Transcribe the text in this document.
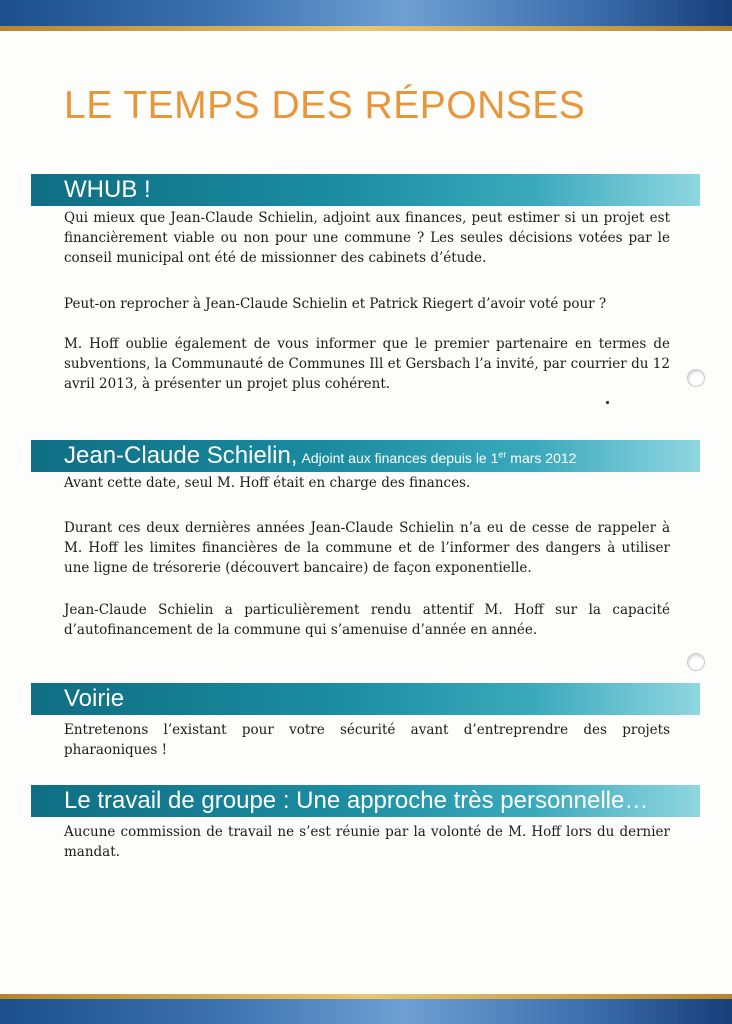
LE TEMPS DES RÉPONSES
WHUB !

Qui mieux que Jean-Claude Schielin, adjoint aux finances, peut estimer si un projet est financièrement viable ou non pour une commune ? Les seules décisions votées par le conseil municipal ont été de missionner des cabinets d’étude.

Peut-on reprocher à Jean-Claude Schielin et Patrick Riegert d’avoir voté pour ?

M. Hoff oublie également de vous informer que le premier partenaire en termes de subventions, la Communauté de Communes Ill et Gersbach l’a invité, par courrier du 12 avril 2013, à présenter un projet plus cohérent.

Jean-Claude Schielin, Adjoint aux finances depuis le 1er mars 2012

Avant cette date, seul M. Hoff était en charge des finances.

Durant ces deux dernières années Jean-Claude Schielin n’a eu de cesse de rappeler à M. Hoff les limites financières de la commune et de l’informer des dangers à utiliser une ligne de trésorerie (découvert bancaire) de façon exponentielle.

Jean-Claude Schielin a particulièrement rendu attentif M. Hoff sur la capacité d’autofinancement de la commune qui s’amenuise d’année en année.

Voirie

Entretenons l’existant pour votre sécurité avant d’entreprendre des projets pharaoniques !

Le travail de groupe : Une approche très personnelle…

Aucune commission de travail ne s’est réunie par la volonté de M. Hoff lors du dernier mandat.
